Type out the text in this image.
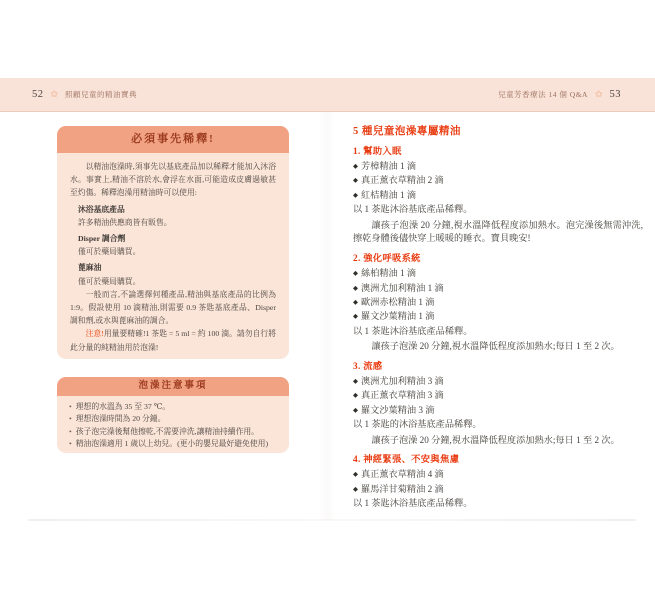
52 ✿ 照顧兒童的精油寶典	兒童芳香療法 14 個 Q&A ✿ 53
必須事先稀釋!

以精油泡澡時,須事先以基底產品加以稀釋才能加入沐浴水。事實上,精油不溶於水,會浮在水面,可能造成皮膚過敏甚至灼傷。稀釋泡澡用精油時可以使用:

沐浴基底產品
許多精油供應商皆有販售。
Disper 調合劑
僅可於藥局購買。
蓖麻油
僅可於藥局購買。

一般而言,不論選擇何種產品,精油與基底產品的比例為 1:9。假設使用 10 滴精油,則需要 0.9 茶匙基底產品、Disper 調和劑,或水與蓖麻油的調合。

注意!用量要精確!1 茶匙 = 5 ml = 約 100 滴。請勿自行將此分量的純精油用於泡澡!

泡澡注意事項
• 理想的水溫為 35 至 37 ℃。
• 理想泡澡時間為 20 分鐘。
• 孩子泡完澡後幫他擦乾,不需要沖洗,讓精油持續作用。
• 精油泡澡適用 1 歲以上幼兒。(更小的嬰兒最好避免使用)

5 種兒童泡澡專屬精油

1. 幫助入眠
◆ 芳樟精油 1 滴
◆ 真正薰衣草精油 2 滴
◆ 紅桔精油 1 滴
以 1 茶匙沐浴基底產品稀釋。

讓孩子泡澡 20 分鐘,視水溫降低程度添加熱水。泡完澡後無需沖洗,擦乾身體後儘快穿上暖暖的睡衣。寶貝晚安!

2. 強化呼吸系統
◆ 絲柏精油 1 滴
◆ 澳洲尤加利精油 1 滴
◆ 歐洲赤松精油 1 滴
◆ 羅文沙葉精油 1 滴
以 1 茶匙沐浴基底產品稀釋。

讓孩子泡澡 20 分鐘,視水溫降低程度添加熱水;每日 1 至 2 次。

3. 流感
◆ 澳洲尤加利精油 3 滴
◆ 真正薰衣草精油 3 滴
◆ 羅文沙葉精油 3 滴
以 1 茶匙的沐浴基底產品稀釋。

讓孩子泡澡 20 分鐘,視水溫降低程度添加熱水;每日 1 至 2 次。

4. 神經緊張、不安與焦慮
◆ 真正薰衣草精油 4 滴
◆ 羅馬洋甘菊精油 2 滴
以 1 茶匙沐浴基底產品稀釋。
